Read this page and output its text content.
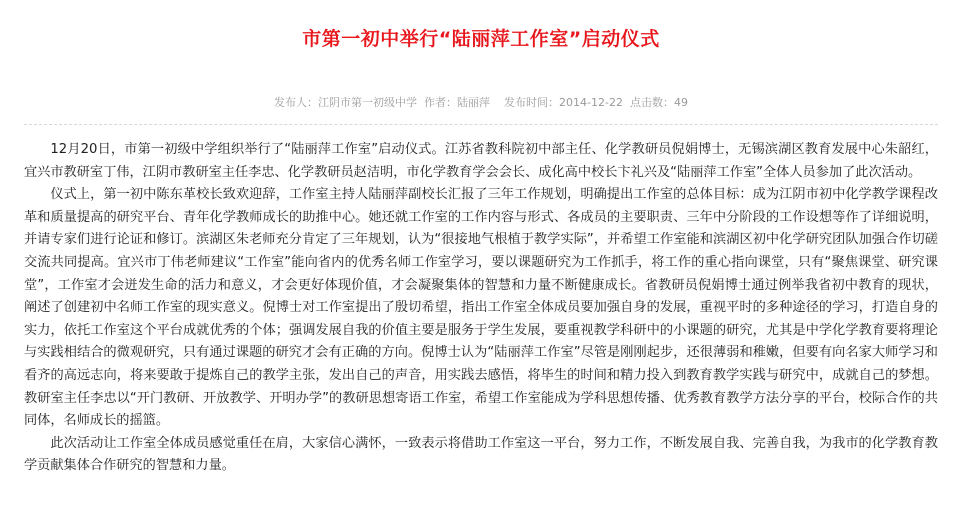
市第一初中举行“陆丽萍工作室”启动仪式
发布人：江阴市第一初级中学 作者：陆丽萍 发布时间：2014-12-22 点击数：49

12月20日，市第一初级中学组织举行了“陆丽萍工作室”启动仪式。江苏省教科院初中部主任、化学教研员倪娟博士，无锡滨湖区教育发展中心朱韶红，宜兴市教研室丁伟，江阴市教研室主任李忠、化学教研员赵洁明，市化学教育学会会长、成化高中校长卞礼兴及“陆丽萍工作室”全体人员参加了此次活动。

仪式上，第一初中陈东革校长致欢迎辞，工作室主持人陆丽萍副校长汇报了三年工作规划，明确提出工作室的总体目标：成为江阴市初中化学教学课程改革和质量提高的研究平台、青年化学教师成长的助推中心。她还就工作室的工作内容与形式、各成员的主要职责、三年中分阶段的工作设想等作了详细说明，并请专家们进行论证和修订。滨湖区朱老师充分肯定了三年规划，认为“很接地气根植于教学实际”，并希望工作室能和滨湖区初中化学研究团队加强合作切磋交流共同提高。宜兴市丁伟老师建议“工作室”能向省内的优秀名师工作室学习，要以课题研究为工作抓手，将工作的重心指向课堂，只有“聚焦课堂、研究课堂”，工作室才会迸发生命的活力和意义，才会更好体现价值，才会凝聚集体的智慧和力量不断健康成长。省教研员倪娟博士通过例举我省初中教育的现状，阐述了创建初中名师工作室的现实意义。倪博士对工作室提出了殷切希望，指出工作室全体成员要加强自身的发展，重视平时的多种途径的学习，打造自身的实力，依托工作室这个平台成就优秀的个体；强调发展自我的价值主要是服务于学生发展，要重视教学科研中的小课题的研究，尤其是中学化学教育要将理论与实践相结合的微观研究，只有通过课题的研究才会有正确的方向。倪博士认为“陆丽萍工作室”尽管是刚刚起步，还很薄弱和稚嫩，但要有向名家大师学习和看齐的高远志向，将来要敢于提炼自己的教学主张，发出自己的声音，用实践去感悟，将毕生的时间和精力投入到教育教学实践与研究中，成就自己的梦想。教研室主任李忠以“开门教研、开放教学、开明办学”的教研思想寄语工作室，希望工作室能成为学科思想传播、优秀教育教学方法分享的平台，校际合作的共同体，名师成长的摇篮。

此次活动让工作室全体成员感觉重任在肩，大家信心满怀，一致表示将借助工作室这一平台，努力工作，不断发展自我、完善自我，为我市的化学教育教学贡献集体合作研究的智慧和力量。
